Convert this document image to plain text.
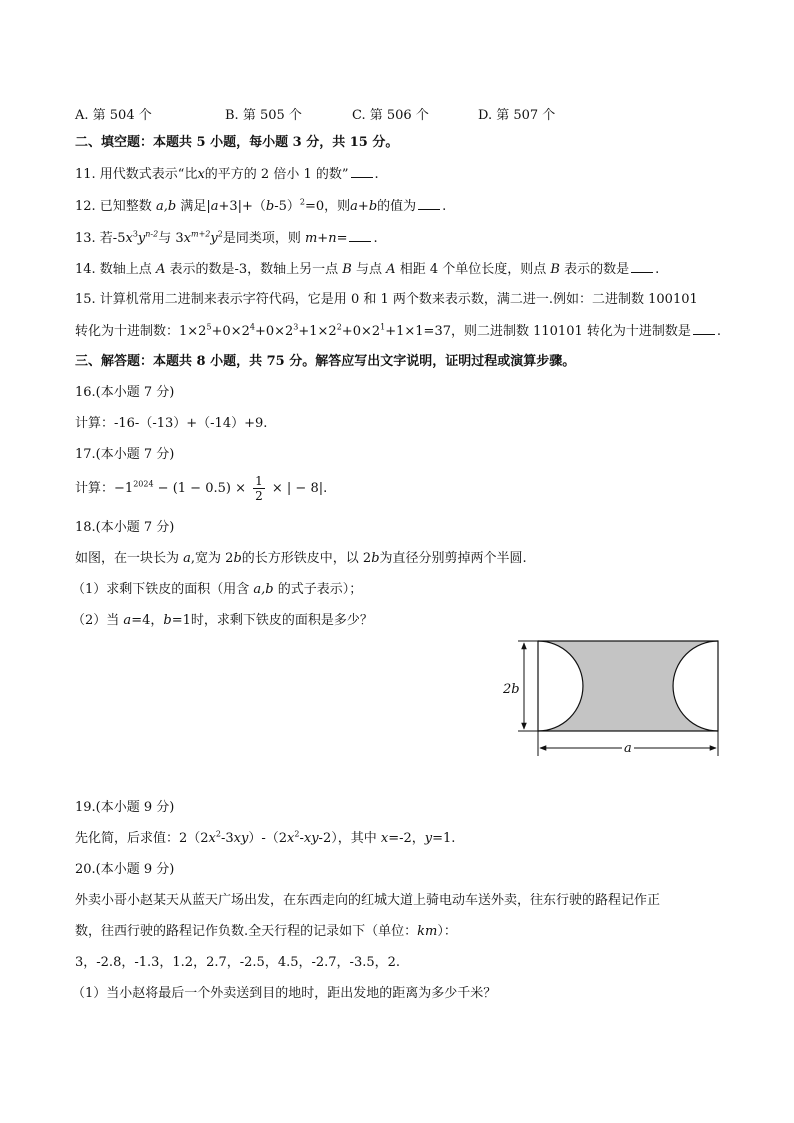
A. 第 504 个	B. 第 505 个	C. 第 506 个	D. 第 507 个
二、填空题：本题共 5 小题，每小题 3 分，共 15 分。
11. 用代数式表示“比x的平方的 2 倍小 1 的数” .
12. 已知整数 a,b 满足$|a+3|+(b-5)^2=0$，则a+b的值为 .
13. 若$-5x^3y^{n-2}$与 $3x^{m+2}y^2$是同类项，则 m+n= .
14. 数轴上点 A 表示的数是-3，数轴上另一点 B 与点 A 相距 4 个单位长度，则点 B 表示的数是 .
15. 计算机常用二进制来表示字符代码，它是用 0 和 1 两个数来表示数，满二进一.例如：二进制数 100101
转化为十进制数：$1\times 2^5+0\times 2^4+0\times 2^3+1\times 2^2+0\times 2^1+1\times 1=37$，则二进制数 110101 转化为十进制数是 .
三、解答题：本题共 8 小题，共 75 分。解答应写出文字说明，证明过程或演算步骤。
16.(本小题 7 分)
计算：-16-（-13）+（-14）+9.
17.(本小题 7 分)
计算：$-1^{2024} - (1 - 0.5) \times \frac{1}{2}$ × | − 8|.
18.(本小题 7 分)
如图，在一块长为 a,宽为 2b的长方形铁皮中，以 2b为直径分别剪掉两个半圆.
（1）求剩下铁皮的面积（用含 a,b 的式子表示）；
（2）当 a=4，b=1时，求剩下铁皮的面积是多少？
2b
a
19.(本小题 9 分)
先化简，后求值：$2(2x^2-3xy)-(2x^2-xy-2)$，其中 x=-2，y=1.
20.(本小题 9 分)
外卖小哥小赵某天从蓝天广场出发，在东西走向的红城大道上骑电动车送外卖，往东行驶的路程记作正
数，往西行驶的路程记作负数.全天行程的记录如下（单位：km）：
3，-2.8，-1.3，1.2，2.7，-2.5，4.5，-2.7，-3.5，2.
（1）当小赵将最后一个外卖送到目的地时，距出发地的距离为多少千米？
